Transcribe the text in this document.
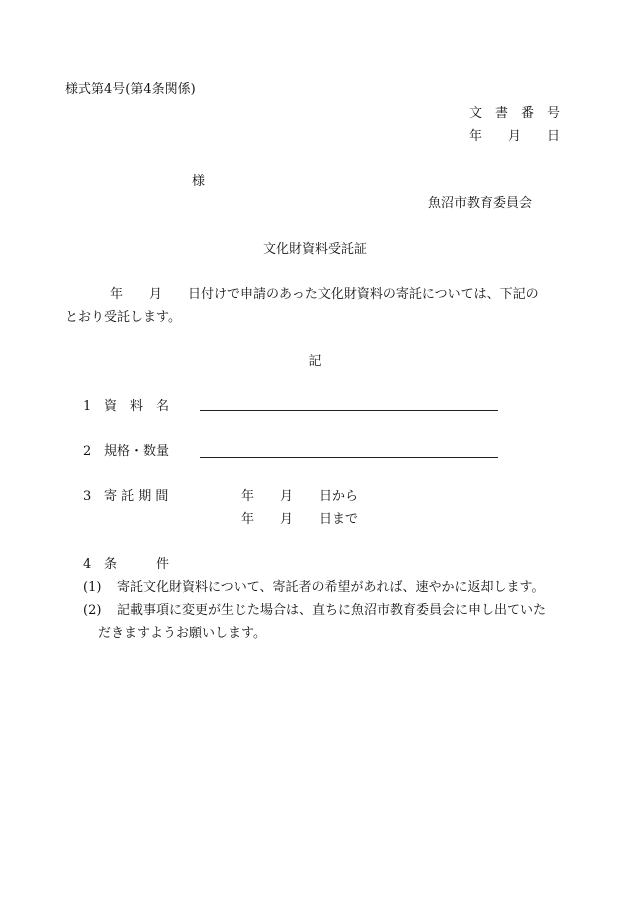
様式第4号(第4条関係)
文　書　番　号
年　　月　　日
様
魚沼市教育委員会
文化財資料受託証
年　　月　　日付けで申請のあった文化財資料の寄託については、下記の
とおり受託します。
記
1 資　料　名
2 規格・数量
3 寄 託 期 間	年　　月　　日から
年　　月　　日まで
4 条　　　件
(1) 寄託文化財資料について、寄託者の希望があれば、速やかに返却します。
(2) 記載事項に変更が生じた場合は、直ちに魚沼市教育委員会に申し出ていた
だきますようお願いします。
